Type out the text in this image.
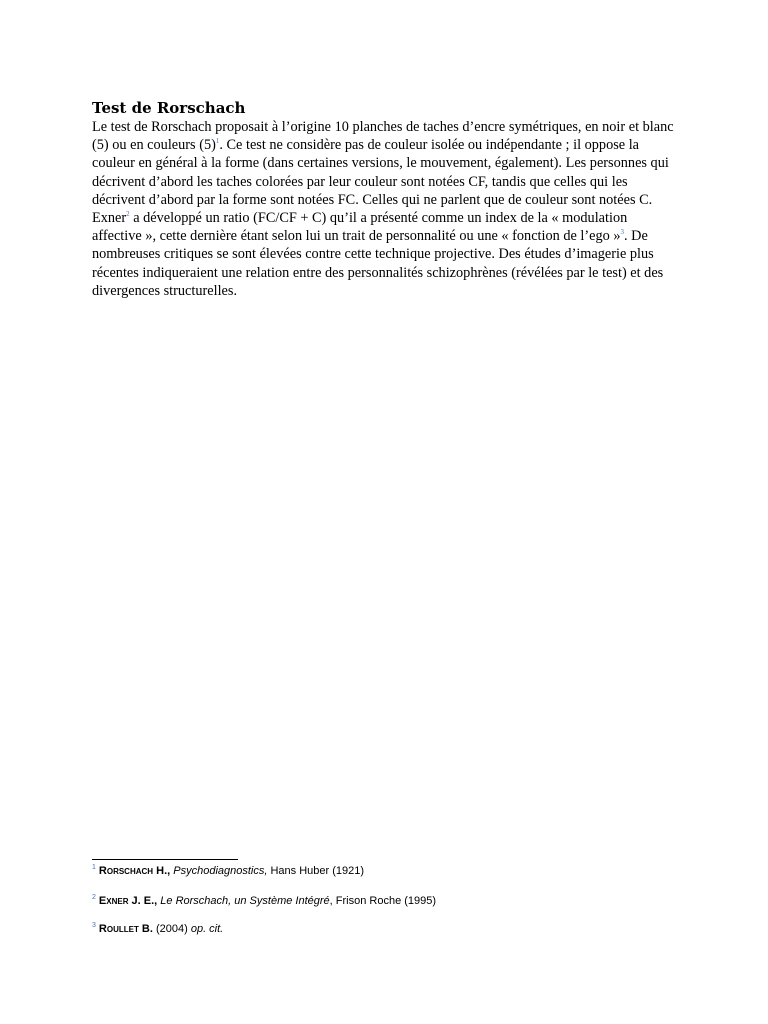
Test de Rorschach

Le test de Rorschach proposait à l’origine 10 planches de taches d’encre symétriques, en noir et blanc (5) ou en couleurs (5)$^1$. Ce test ne considère pas de couleur isolée ou indépendante ; il oppose la couleur en général à la forme (dans certaines versions, le mouvement, également). Les personnes qui décrivent d’abord les taches colorées par leur couleur sont notées CF, tandis que celles qui les décrivent d’abord par la forme sont notées FC. Celles qui ne parlent que de couleur sont notées C. Exner$^2$ a développé un ratio (FC/CF + C) qu’il a présenté comme un index de la « modulation affective », cette dernière étant selon lui un trait de personnalité ou une « fonction de l’ego »$^3$. De nombreuses critiques se sont élevées contre cette technique projective. Des études d’imagerie plus récentes indiqueraient une relation entre des personnalités schizophrènes (révélées par le test) et des divergences structurelles.

$^1$ Rorschach H., Psychodiagnostics, Hans Huber (1921)
$^2$ Exner J. E., Le Rorschach, un Système Intégré, Frison Roche (1995)
$^3$ Roullet B. (2004) op. cit.
